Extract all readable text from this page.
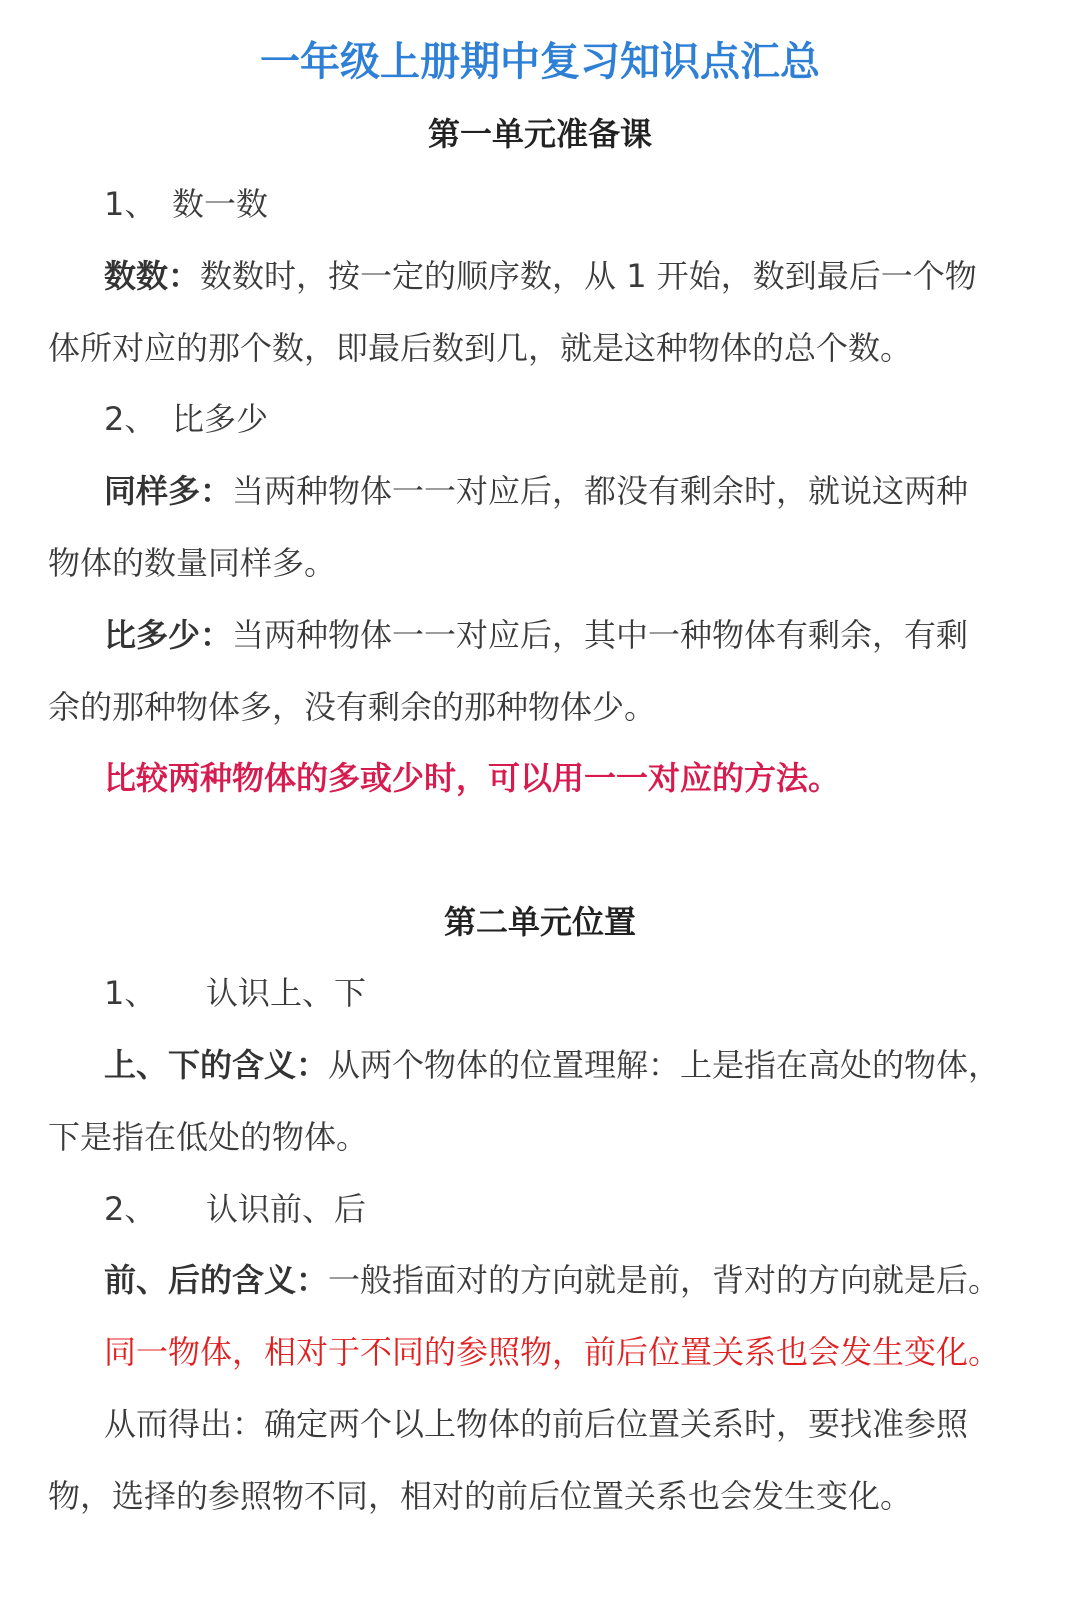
一年级上册期中复习知识点汇总
第一单元准备课
1、 数一数
数数：数数时，按一定的顺序数，从 1 开始，数到最后一个物
体所对应的那个数，即最后数到几，就是这种物体的总个数。
2、 比多少
同样多：当两种物体一一对应后，都没有剩余时，就说这两种
物体的数量同样多。
比多少：当两种物体一一对应后，其中一种物体有剩余，有剩
余的那种物体多，没有剩余的那种物体少。
比较两种物体的多或少时，可以用一一对应的方法。
第二单元位置
1、 认识上、下
上、下的含义：从两个物体的位置理解：上是指在高处的物体，
下是指在低处的物体。
2、 认识前、后
前、后的含义：一般指面对的方向就是前，背对的方向就是后。
同一物体，相对于不同的参照物，前后位置关系也会发生变化。
从而得出：确定两个以上物体的前后位置关系时，要找准参照
物，选择的参照物不同，相对的前后位置关系也会发生变化。
